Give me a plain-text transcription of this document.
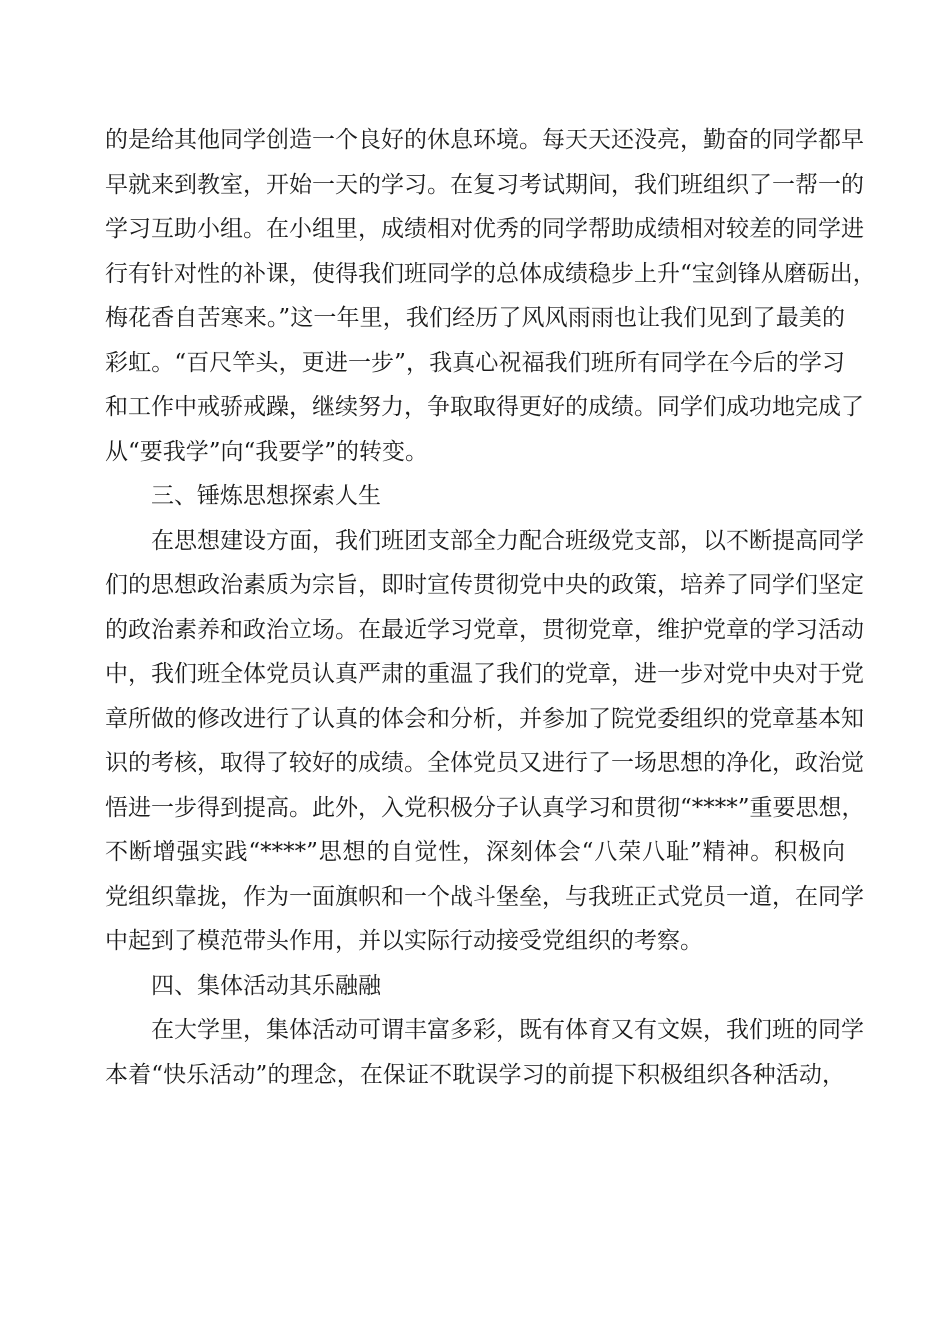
的是给其他同学创造一个良好的休息环境。每天天还没亮，勤奋的同学都早
早就来到教室，开始一天的学习。在复习考试期间，我们班组织了一帮一的
学习互助小组。在小组里，成绩相对优秀的同学帮助成绩相对较差的同学进
行有针对性的补课，使得我们班同学的总体成绩稳步上升“宝剑锋从磨砺出，
梅花香自苦寒来。”这一年里，我们经历了风风雨雨也让我们见到了最美的
彩虹。“百尺竿头，更进一步”，我真心祝福我们班所有同学在今后的学习
和工作中戒骄戒躁，继续努力，争取取得更好的成绩。同学们成功地完成了
从“要我学”向“我要学”的转变。
三、锤炼思想探索人生
在思想建设方面，我们班团支部全力配合班级党支部，以不断提高同学
们的思想政治素质为宗旨，即时宣传贯彻党中央的政策，培养了同学们坚定
的政治素养和政治立场。在最近学习党章，贯彻党章，维护党章的学习活动
中，我们班全体党员认真严肃的重温了我们的党章，进一步对党中央对于党
章所做的修改进行了认真的体会和分析，并参加了院党委组织的党章基本知
识的考核，取得了较好的成绩。全体党员又进行了一场思想的净化，政治觉
悟进一步得到提高。此外，入党积极分子认真学习和贯彻“****”重要思想，
不断增强实践“****”思想的自觉性，深刻体会“八荣八耻”精神。积极向
党组织靠拢，作为一面旗帜和一个战斗堡垒，与我班正式党员一道，在同学
中起到了模范带头作用，并以实际行动接受党组织的考察。
四、集体活动其乐融融
在大学里，集体活动可谓丰富多彩，既有体育又有文娱，我们班的同学
本着“快乐活动”的理念，在保证不耽误学习的前提下积极组织各种活动，
